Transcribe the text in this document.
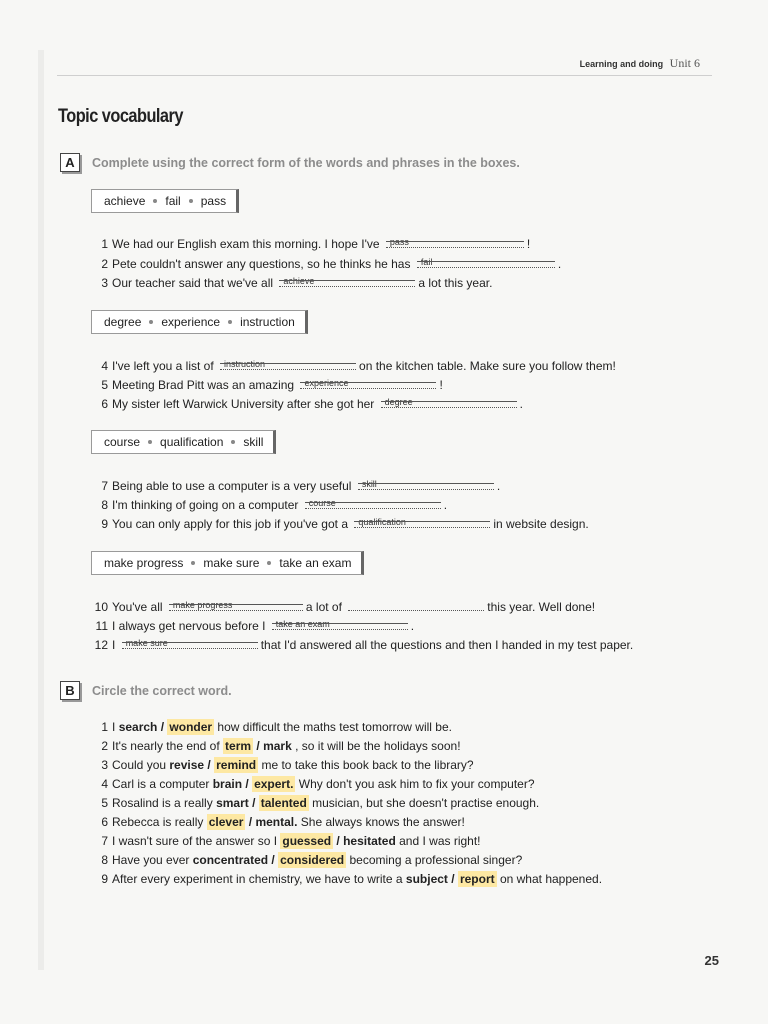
Learning and doing Unit 6
Topic vocabulary
A	Complete using the correct form of the words and phrases in the boxes.
achieve fail pass
degree experience instruction
course qualification skill
make progress make sure take an exam
1 We had our English exam this morning. I hope I've pass	!
2 Pete couldn't answer any questions, so he thinks he has fail	.
3 Our teacher said that we've all achieve	a lot this year.
4 I've left you a list of instruction	on the kitchen table. Make sure you follow them!
5 Meeting Brad Pitt was an amazing experience	!
6 My sister left Warwick University after she got her degree	.
7 Being able to use a computer is a very useful skill	.
8 I'm thinking of going on a computer course	.
9 You can only apply for this job if you've got a qualification	in website design.
10 You've all make progress	a lot of	this year. Well done!
11 I always get nervous before I take an exam	.
12 I make sure	that I'd answered all the questions and then I handed in my test paper.
B	Circle the correct word.
1 I search / wonder how difficult the maths test tomorrow will be.
2 It's nearly the end of term / mark , so it will be the holidays soon!
3 Could you revise / remind me to take this book back to the library?
4 Carl is a computer brain / expert. Why don't you ask him to fix your computer?
5 Rosalind is a really smart / talented musician, but she doesn't practise enough.
6 Rebecca is really clever / mental. She always knows the answer!
7 I wasn't sure of the answer so I guessed / hesitated and I was right!
8 Have you ever concentrated / considered becoming a professional singer?
9 After every experiment in chemistry, we have to write a subject / report on what happened.
25
